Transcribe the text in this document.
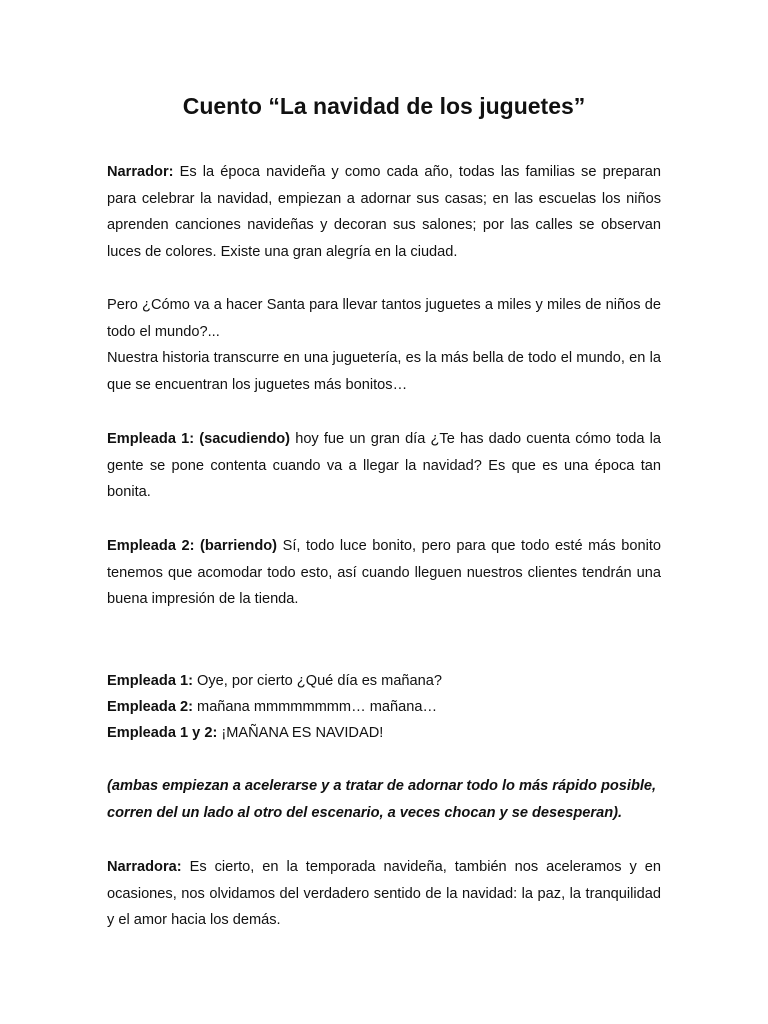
Cuento “La navidad de los juguetes”

Narrador: Es la época navideña y como cada año, todas las familias se preparan para celebrar la navidad, empiezan a adornar sus casas; en las escuelas los niños aprenden canciones navideñas y decoran sus salones; por las calles se observan luces de colores. Existe una gran alegría en la ciudad.

Pero ¿Cómo va a hacer Santa para llevar tantos juguetes a miles y miles de niños de todo el mundo?...

Nuestra historia transcurre en una juguetería, es la más bella de todo el mundo, en la que se encuentran los juguetes más bonitos…

Empleada 1: (sacudiendo) hoy fue un gran día ¿Te has dado cuenta cómo toda la gente se pone contenta cuando va a llegar la navidad? Es que es una época tan bonita.

Empleada 2: (barriendo) Sí, todo luce bonito, pero para que todo esté más bonito tenemos que acomodar todo esto, así cuando lleguen nuestros clientes tendrán una buena impresión de la tienda.

Empleada 1: Oye, por cierto ¿Qué día es mañana?

Empleada 2: mañana mmmmmmmm… mañana…

Empleada 1 y 2: ¡MAÑANA ES NAVIDAD!

(ambas empiezan a acelerarse y a tratar de adornar todo lo más rápido posible, corren del un lado al otro del escenario, a veces chocan y se desesperan).

Narradora: Es cierto, en la temporada navideña, también nos aceleramos y en ocasiones, nos olvidamos del verdadero sentido de la navidad: la paz, la tranquilidad y el amor hacia los demás.
